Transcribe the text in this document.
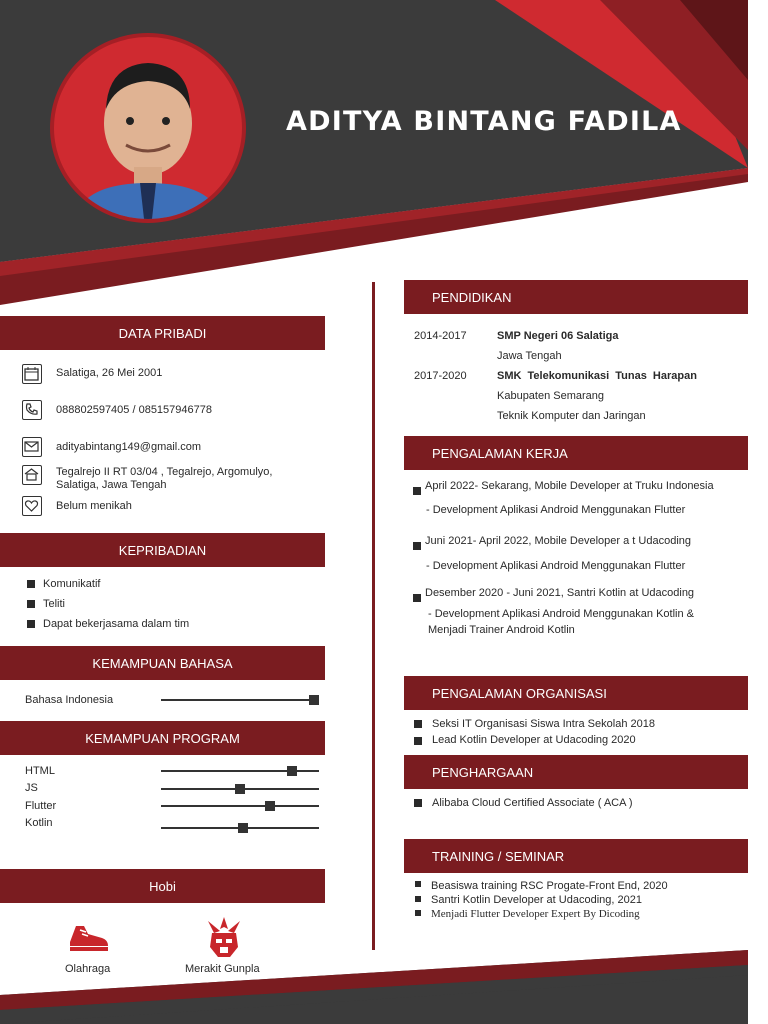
ADITYA BINTANG FADILA
DATA PRIBADI
Salatiga, 26 Mei 2001
088802597405 / 085157946778
adityabintang149@gmail.com
Tegalrejo II RT 03/04 , Tegalrejo, Argomulyo,
Salatiga, Jawa Tengah
Belum menikah
KEPRIBADIAN
Komunikatif
Teliti
Dapat bekerjasama dalam tim
KEMAMPUAN BAHASA
Bahasa Indonesia
KEMAMPUAN PROGRAM
HTML
JS
Flutter
Kotlin
Hobi
Olahraga	Merakit Gunpla
PENDIDIKAN
2014-2017	SMP Negeri 06 Salatiga
Jawa Tengah
2017-2020	SMK Telekomunikasi Tunas Harapan
Kabupaten Semarang
Teknik Komputer dan Jaringan
PENGALAMAN KERJA
April 2022- Sekarang, Mobile Developer at Truku Indonesia
- Development Aplikasi Android Menggunakan Flutter
Juni 2021- April 2022, Mobile Developer a t Udacoding
- Development Aplikasi Android Menggunakan Flutter
Desember 2020 - Juni 2021, Santri Kotlin at Udacoding
- Development Aplikasi Android Menggunakan Kotlin &
Menjadi Trainer Android Kotlin
PENGALAMAN ORGANISASI
Seksi IT Organisasi Siswa Intra Sekolah 2018
Lead Kotlin Developer at Udacoding 2020
PENGHARGAAN
Alibaba Cloud Certified Associate ( ACA )
TRAINING / SEMINAR
Beasiswa training RSC Progate-Front End, 2020
Santri Kotlin Developer at Udacoding, 2021
Menjadi Flutter Developer Expert By Dicoding
